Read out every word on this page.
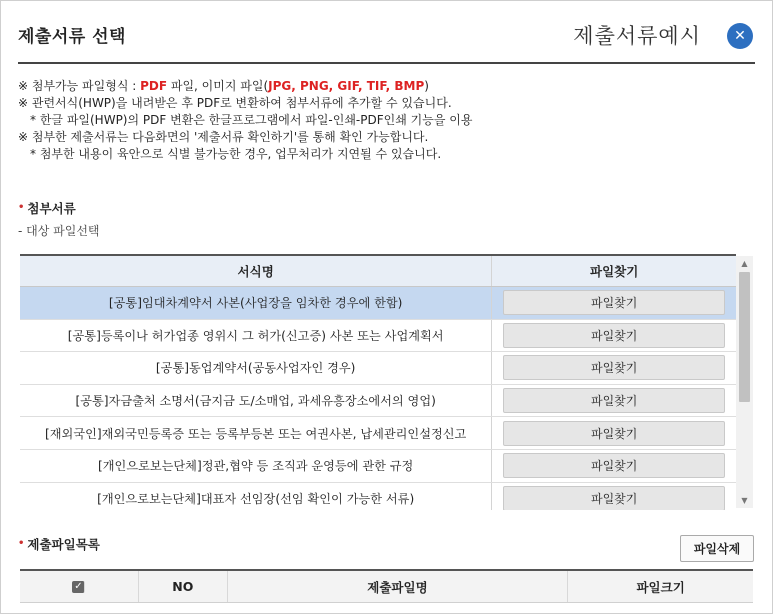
제출서류 선택	제출서류예시	✕
※ 첨부가능 파일형식 : PDF 파일, 이미지 파일(JPG, PNG, GIF, TIF, BMP)
※ 관련서식(HWP)을 내려받은 후 PDF로 변환하여 첨부서류에 추가할 수 있습니다.
* 한글 파일(HWP)의 PDF 변환은 한글프로그램에서 파일-인쇄-PDF인쇄 기능을 이용
※ 첨부한 제출서류는 다음화면의 '제출서류 확인하기'를 통해 확인 가능합니다.
* 첨부한 내용이 육안으로 식별 불가능한 경우, 업무처리가 지연될 수 있습니다.
• 첨부서류
- 대상 파일선택
서식명	파일찾기
[공통]임대차계약서 사본(사업장을 임차한 경우에 한함)	파일찾기
[공통]등록이나 허가업종 영위시 그 허가(신고증) 사본 또는 사업계획서	파일찾기
[공통]동업계약서(공동사업자인 경우)	파일찾기
[공통]자금출처 소명서(금지금 도/소매업, 과세유흥장소에서의 영업)	파일찾기
[재외국인]재외국민등록증 또는 등록부등본 또는 여권사본, 납세관리인설정신고	파일찾기
[개인으로보는단체]정관,협약 등 조직과 운영등에 관한 규정	파일찾기
[개인으로보는단체]대표자 선임장(선임 확인이 가능한 서류)	파일찾기
▲
▼
• 제출파일목록	파일삭제
✓	NO	제출파일명	파일크기
